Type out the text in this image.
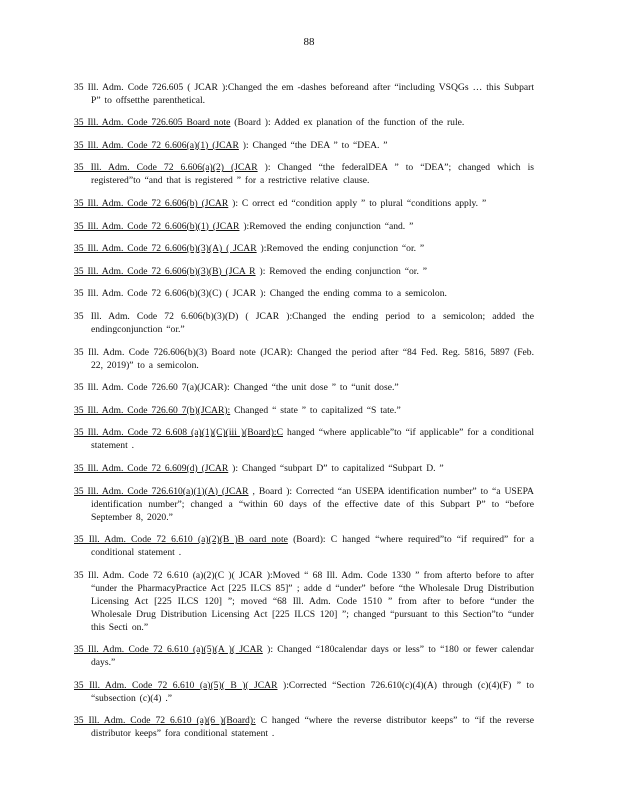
88

35 Ill. Adm. Code 726.605 ( JCAR ):Changed the em -dashes beforeand after “including VSQGs … this Subpart P” to offsetthe parenthetical.

35 Ill. Adm. Code 726.605 Board note (Board ): Added ex planation of the function of the rule.

35 Ill. Adm. Code 72 6.606(a)(1) (JCAR ): Changed “the DEA ” to “DEA. ”

35 Ill. Adm. Code 72 6.606(a)(2) (JCAR ): Changed “the federalDEA ” to “DEA”; changed which is registered”to “and that is registered ” for a restrictive relative clause.

35 Ill. Adm. Code 72 6.606(b) (JCAR ): C orrect ed “condition apply ” to plural “conditions apply. ”

35 Ill. Adm. Code 72 6.606(b)(1) (JCAR ):Removed the ending conjunction “and. ”

35 Ill. Adm. Code 72 6.606(b)(3)(A) ( JCAR ):Removed the ending conjunction “or. ”

35 Ill. Adm. Code 72 6.606(b)(3)(B) (JCA R ): Removed the ending conjunction “or. ”

35 Ill. Adm. Code 72 6.606(b)(3)(C) ( JCAR ): Changed the ending comma to a semicolon.

35 Ill. Adm. Code 72 6.606(b)(3)(D) ( JCAR ):Changed the ending period to a semicolon; added the endingconjunction “or.”

35 Ill. Adm. Code 726.606(b)(3) Board note (JCAR): Changed the period after “84 Fed. Reg. 5816, 5897 (Feb. 22, 2019)” to a semicolon.

35 Ill. Adm. Code 726.60 7(a)(JCAR): Changed “the unit dose ” to “unit dose.”

35 Ill. Adm. Code 726.60 7(b)(JCAR): Changed “ state ” to capitalized “S tate.”

35 Ill. Adm. Code 72 6.608 (a)(1)(C)(iii )(Board):C hanged “where applicable”to “if applicable” for a conditional statement .

35 Ill. Adm. Code 72 6.609(d) (JCAR ): Changed “subpart D” to capitalized “Subpart D. ”

35 Ill. Adm. Code 726.610(a)(1)(A) (JCAR , Board ): Corrected “an USEPA identification number” to “a USEPA identification number”; changed a “within 60 days of the effective date of this Subpart P” to “before September 8, 2020.”

35 Ill. Adm. Code 72 6.610 (a)(2)(B )B oard note (Board): C hanged “where required”to “if required” for a conditional statement .

35 Ill. Adm. Code 72 6.610 (a)(2)(C )( JCAR ):Moved “ 68 Ill. Adm. Code 1330 ” from afterto before to after “under the PharmacyPractice Act [225 ILCS 85]” ; adde d “under” before “the Wholesale Drug Distribution Licensing Act [225 ILCS 120] ”; moved “68 Ill. Adm. Code 1510 ” from after to before “under the Wholesale Drug Distribution Licensing Act [225 ILCS 120] ”; changed “pursuant to this Section”to “under this Secti on.”

35 Ill. Adm. Code 72 6.610 (a)(5)(A )( JCAR ): Changed “180calendar days or less” to “180 or fewer calendar days.”

35 Ill. Adm. Code 72 6.610 (a)(5)( B )( JCAR ):Corrected “Section 726.610(c)(4)(A) through (c)(4)(F) ” to “subsection (c)(4) .”

35 Ill. Adm. Code 72 6.610 (a)(6 )(Board): C hanged “where the reverse distributor keeps” to “if the reverse distributor keeps” fora conditional statement .
